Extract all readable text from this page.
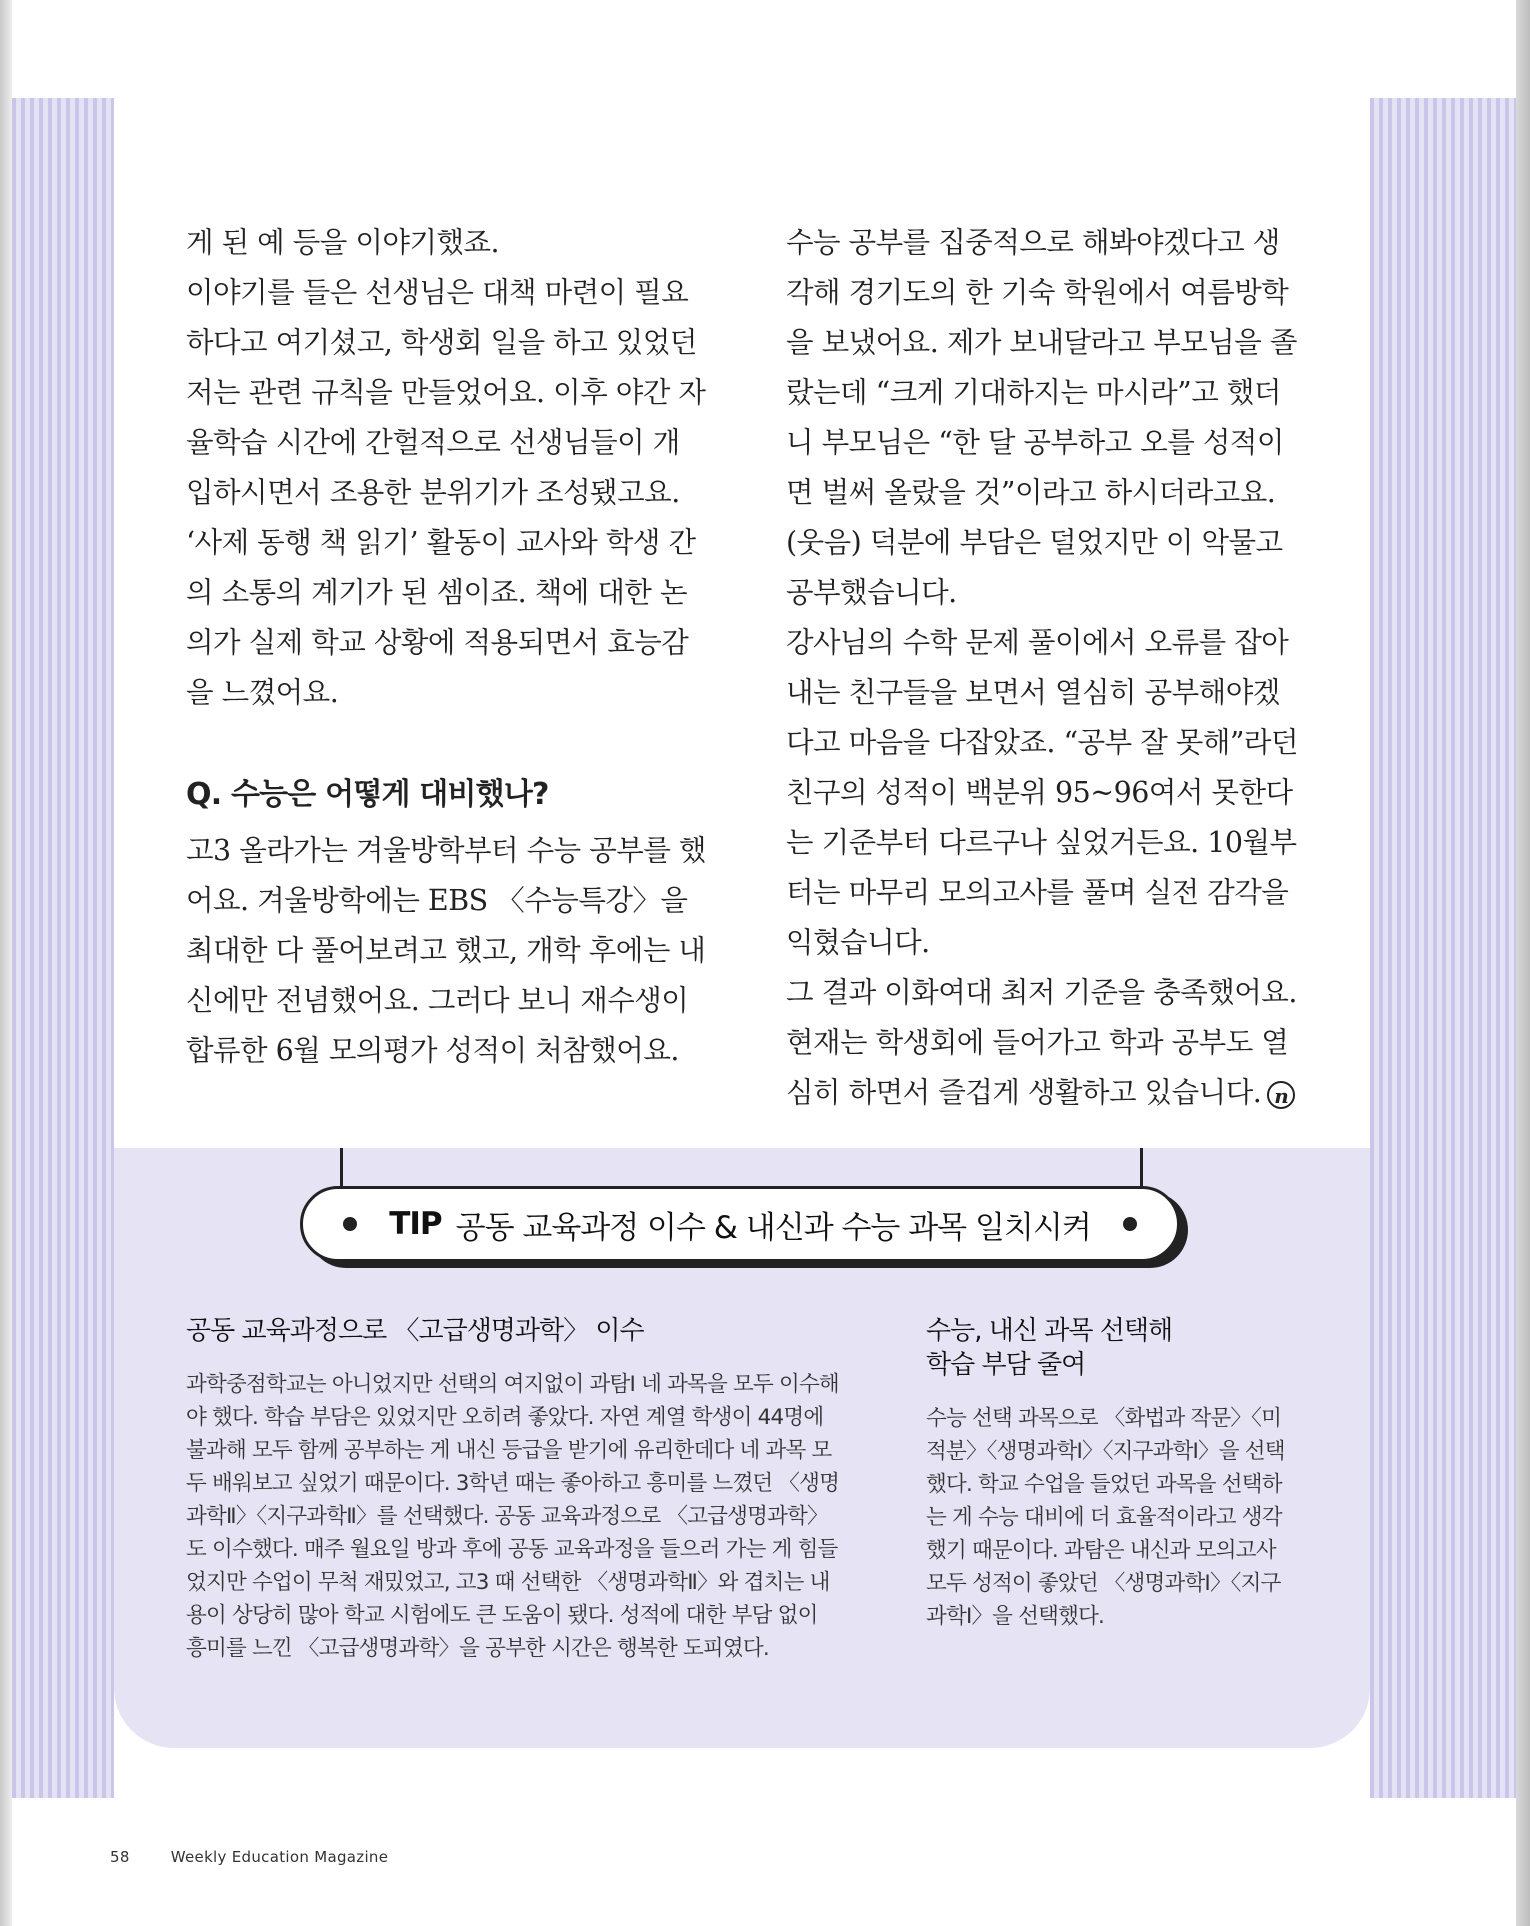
게 된 예 등을 이야기했죠.

이야기를 들은 선생님은 대책 마련이 필요하다고 여기셨고, 학생회 일을 하고 있었던 저는 관련 규칙을 만들었어요. 이후 야간 자율학습 시간에 간헐적으로 선생님들이 개입하시면서 조용한 분위기가 조성됐고요. ‘사제 동행 책 읽기’ 활동이 교사와 학생 간의 소통의 계기가 된 셈이죠. 책에 대한 논의가 실제 학교 상황에 적용되면서 효능감을 느꼈어요.

Q. 수능은 어떻게 대비했나?

고3 올라가는 겨울방학부터 수능 공부를 했어요. 겨울방학에는 EBS 〈수능특강〉을 최대한 다 풀어보려고 했고, 개학 후에는 내신에만 전념했어요. 그러다 보니 재수생이 합류한 6월 모의평가 성적이 처참했어요.

수능 공부를 집중적으로 해봐야겠다고 생각해 경기도의 한 기숙 학원에서 여름방학을 보냈어요. 제가 보내달라고 부모님을 졸랐는데 “크게 기대하지는 마시라”고 했더니 부모님은 “한 달 공부하고 오를 성적이면 벌써 올랐을 것”이라고 하시더라고요. (웃음) 덕분에 부담은 덜었지만 이 악물고 공부했습니다.

강사님의 수학 문제 풀이에서 오류를 잡아내는 친구들을 보면서 열심히 공부해야겠다고 마음을 다잡았죠. “공부 잘 못해”라던 친구의 성적이 백분위 95~96여서 못한다는 기준부터 다르구나 싶었거든요. 10월부터는 마무리 모의고사를 풀며 실전 감각을 익혔습니다.

그 결과 이화여대 최저 기준을 충족했어요. 현재는 학생회에 들어가고 학과 공부도 열심히 하면서 즐겁게 생활하고 있습니다. n

TIP 공동 교육과정 이수 & 내신과 수능 과목 일치시켜
공동 교육과정으로 〈고급생명과학〉 이수
과학중점학교는 아니었지만 선택의 여지없이 과탐Ⅰ 네 과목을 모두 이수해야 했다. 학습 부담은 있었지만 오히려 좋았다. 자연 계열 학생이 44명에 불과해 모두 함께 공부하는 게 내신 등급을 받기에 유리한데다 네 과목 모두 배워보고 싶었기 때문이다. 3학년 때는 좋아하고 흥미를 느꼈던 〈생명과학Ⅱ〉〈지구과학Ⅱ〉를 선택했다. 공동 교육과정으로 〈고급생명과학〉도 이수했다. 매주 월요일 방과 후에 공동 교육과정을 들으러 가는 게 힘들었지만 수업이 무척 재밌었고, 고3 때 선택한 〈생명과학Ⅱ〉와 겹치는 내용이 상당히 많아 학교 시험에도 큰 도움이 됐다. 성적에 대한 부담 없이 흥미를 느낀 〈고급생명과학〉을 공부한 시간은 행복한 도피였다.
수능, 내신 과목 선택해
학습 부담 줄여
수능 선택 과목으로 〈화법과 작문〉〈미적분〉〈생명과학Ⅰ〉〈지구과학Ⅰ〉을 선택했다. 학교 수업을 들었던 과목을 선택하는 게 수능 대비에 더 효율적이라고 생각했기 때문이다. 과탐은 내신과 모의고사 모두 성적이 좋았던 〈생명과학Ⅰ〉〈지구과학Ⅰ〉을 선택했다.
58	Weekly Education Magazine
